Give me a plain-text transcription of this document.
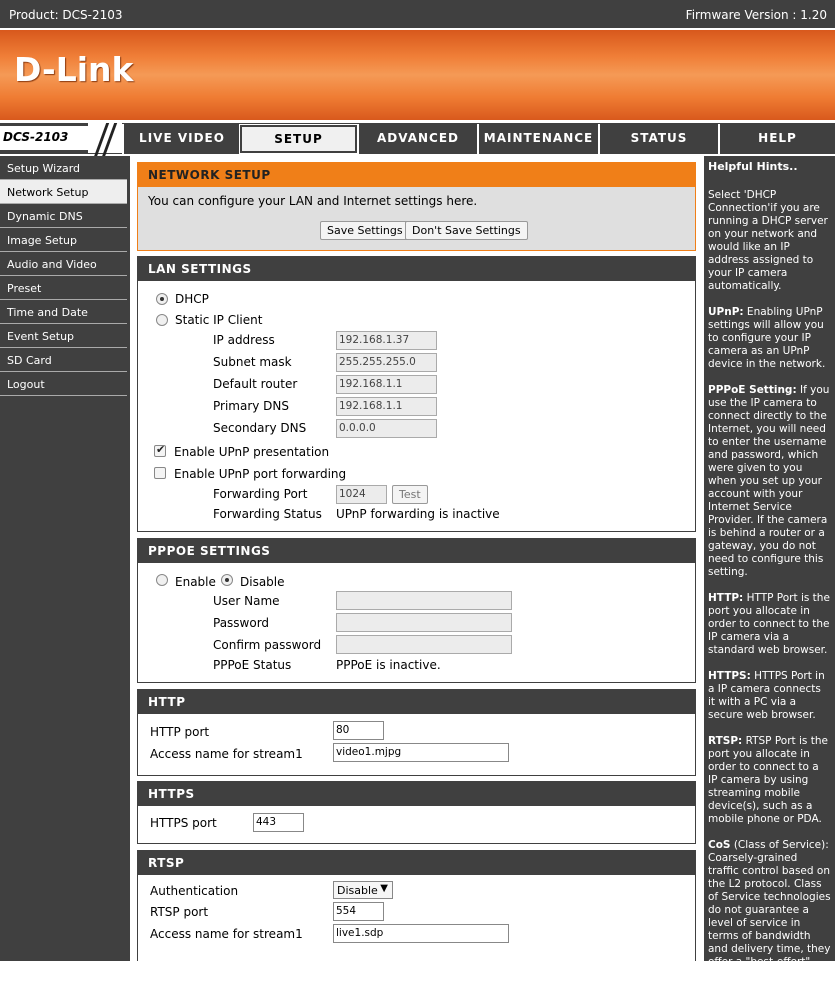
Product: DCS-2103	Firmware Version : 1.20
D-Link
DCS-2103	LIVE VIDEO	SETUP	ADVANCED	MAINTENANCE	STATUS	HELP
Setup Wizard
Network Setup
Dynamic DNS
Image Setup
Audio and Video
Preset
Time and Date
Event Setup
SD Card
Logout
NETWORK SETUP
You can configure your LAN and Internet settings here.
Save Settings Don't Save Settings
LAN SETTINGS
DHCP
Static IP Client
IP address	192.168.1.37
Subnet mask	255.255.255.0
Default router	192.168.1.1
Primary DNS	192.168.1.1
Secondary DNS	0.0.0.0
✔
Enable UPnP presentation
Enable UPnP port forwarding
Forwarding Port	1024	Test
Forwarding Status UPnP forwarding is inactive
PPPOE SETTINGS
Enable Disable
User Name
Password
Confirm password
PPPoE Status	PPPoE is inactive.
HTTP
HTTP port	80
Access name for stream1	video1.mjpg
HTTPS
HTTPS port	443
RTSP
Authentication	Disable ▼
RTSP port	554
Access name for stream1	live1.sdp

Helpful Hints..

Select 'DHCP Connection'if you are running a DHCP server on your network and would like an IP address assigned to your IP camera automatically.

UPnP: Enabling UPnP settings will allow you to configure your IP camera as an UPnP device in the network.

PPPoE Setting: If you use the IP camera to connect directly to the Internet, you will need to enter the username and password, which were given to you when you set up your account with your Internet Service Provider. If the camera is behind a router or a gateway, you do not need to configure this setting.

HTTP: HTTP Port is the port you allocate in order to connect to the IP camera via a standard web browser.

HTTPS: HTTPS Port in a IP camera connects it with a PC via a secure web browser.

RTSP: RTSP Port is the port you allocate in order to connect to a IP camera by using streaming mobile device(s), such as a mobile phone or PDA.

CoS (Class of Service): Coarsely-grained traffic control based on the L2 protocol. Class of Service technologies do not guarantee a level of service in terms of bandwidth and delivery time, they offer a "best-effort".

QoS (Quality of Service):
